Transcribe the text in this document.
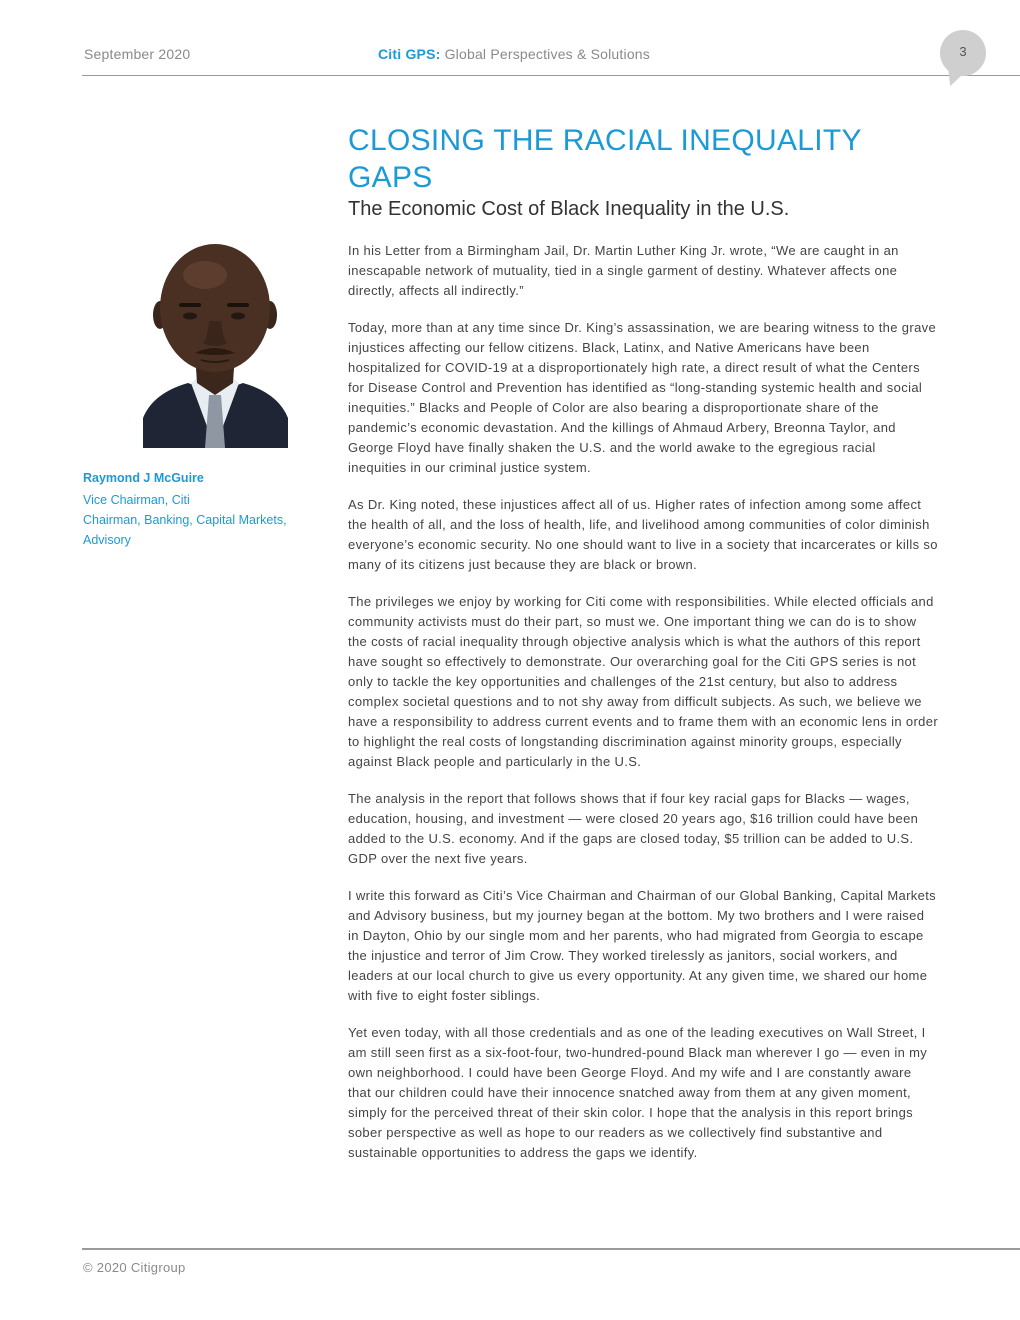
September 2020	Citi GPS: Global Perspectives & Solutions	3

Raymond J McGuire

Vice Chairman, Citi

Chairman, Banking, Capital Markets,

Advisory

CLOSING THE RACIAL INEQUALITY
GAPS
The Economic Cost of Black Inequality in the U.S.

In his Letter from a Birmingham Jail, Dr. Martin Luther King Jr. wrote, “We are caught in an inescapable network of mutuality, tied in a single garment of destiny. Whatever affects one directly, affects all indirectly.”

Today, more than at any time since Dr. King’s assassination, we are bearing witness to the grave injustices affecting our fellow citizens. Black, Latinx, and Native Americans have been hospitalized for COVID-19 at a disproportionately high rate, a direct result of what the Centers for Disease Control and Prevention has identified as “long-standing systemic health and social inequities.” Blacks and People of Color are also bearing a disproportionate share of the pandemic’s economic devastation. And the killings of Ahmaud Arbery, Breonna Taylor, and George Floyd have finally shaken the U.S. and the world awake to the egregious racial inequities in our criminal justice system.

As Dr. King noted, these injustices affect all of us. Higher rates of infection among some affect the health of all, and the loss of health, life, and livelihood among communities of color diminish everyone’s economic security. No one should want to live in a society that incarcerates or kills so many of its citizens just because they are black or brown.

The privileges we enjoy by working for Citi come with responsibilities. While elected officials and community activists must do their part, so must we. One important thing we can do is to show the costs of racial inequality through objective analysis which is what the authors of this report have sought so effectively to demonstrate. Our overarching goal for the Citi GPS series is not only to tackle the key opportunities and challenges of the 21st century, but also to address complex societal questions and to not shy away from difficult subjects. As such, we believe we have a responsibility to address current events and to frame them with an economic lens in order to highlight the real costs of longstanding discrimination against minority groups, especially against Black people and particularly in the U.S.

The analysis in the report that follows shows that if four key racial gaps for Blacks — wages, education, housing, and investment — were closed 20 years ago, $16 trillion could have been added to the U.S. economy. And if the gaps are closed today, $5 trillion can be added to U.S. GDP over the next five years.

I write this forward as Citi’s Vice Chairman and Chairman of our Global Banking, Capital Markets and Advisory business, but my journey began at the bottom. My two brothers and I were raised in Dayton, Ohio by our single mom and her parents, who had migrated from Georgia to escape the injustice and terror of Jim Crow. They worked tirelessly as janitors, social workers, and leaders at our local church to give us every opportunity. At any given time, we shared our home with five to eight foster siblings.

Yet even today, with all those credentials and as one of the leading executives on Wall Street, I am still seen first as a six-foot-four, two-hundred-pound Black man wherever I go — even in my own neighborhood. I could have been George Floyd. And my wife and I are constantly aware that our children could have their innocence snatched away from them at any given moment, simply for the perceived threat of their skin color. I hope that the analysis in this report brings sober perspective as well as hope to our readers as we collectively find substantive and sustainable opportunities to address the gaps we identify.

© 2020 Citigroup
